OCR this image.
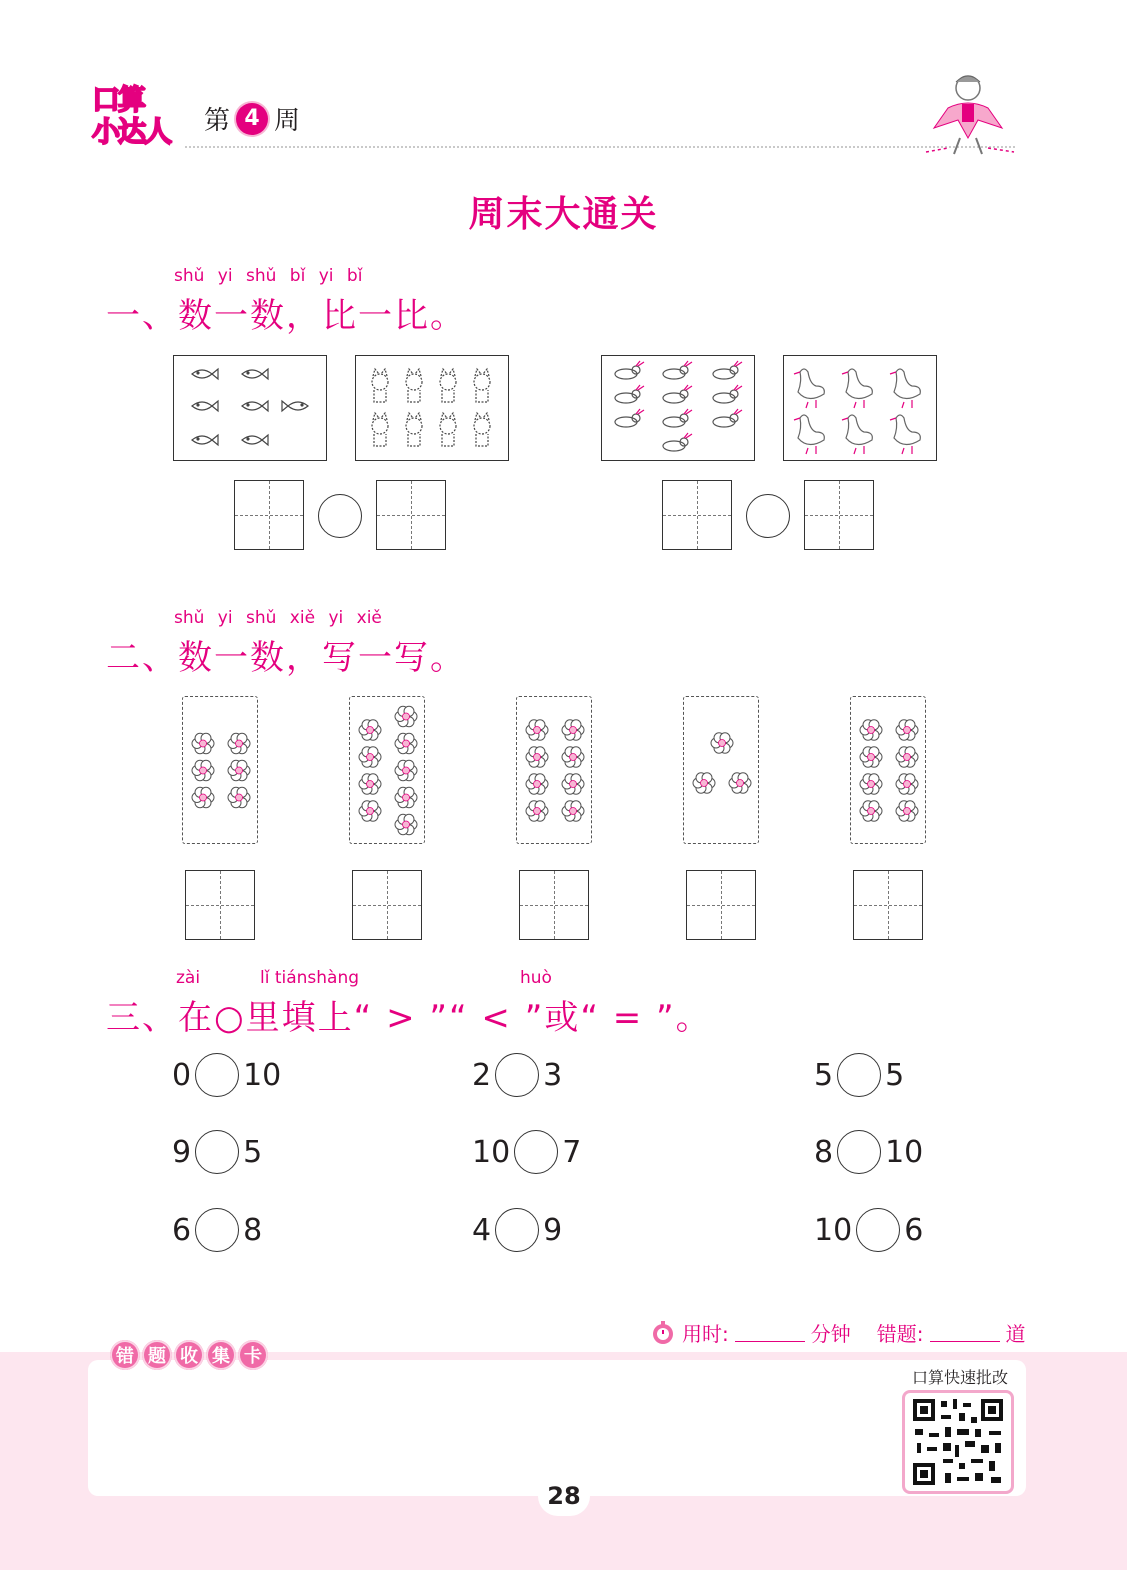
口算
小达人 第 4 周
周末大通关
shǔ yi shǔ bǐ yi bǐ
一、数一数，比一比。
shǔ yi shǔ xiě yi xiě
二、数一数，写一写。
zài	lǐ tiánshàng	huò
三、在○里填上“ > ”“ < ”或“ = ”。
0 10	2 3	5 5
9 5	10 7	8 10
6 8	4 9	10 6
用时:	分钟 错题:	道
错 题 收 集 卡
口算快速批改
28
